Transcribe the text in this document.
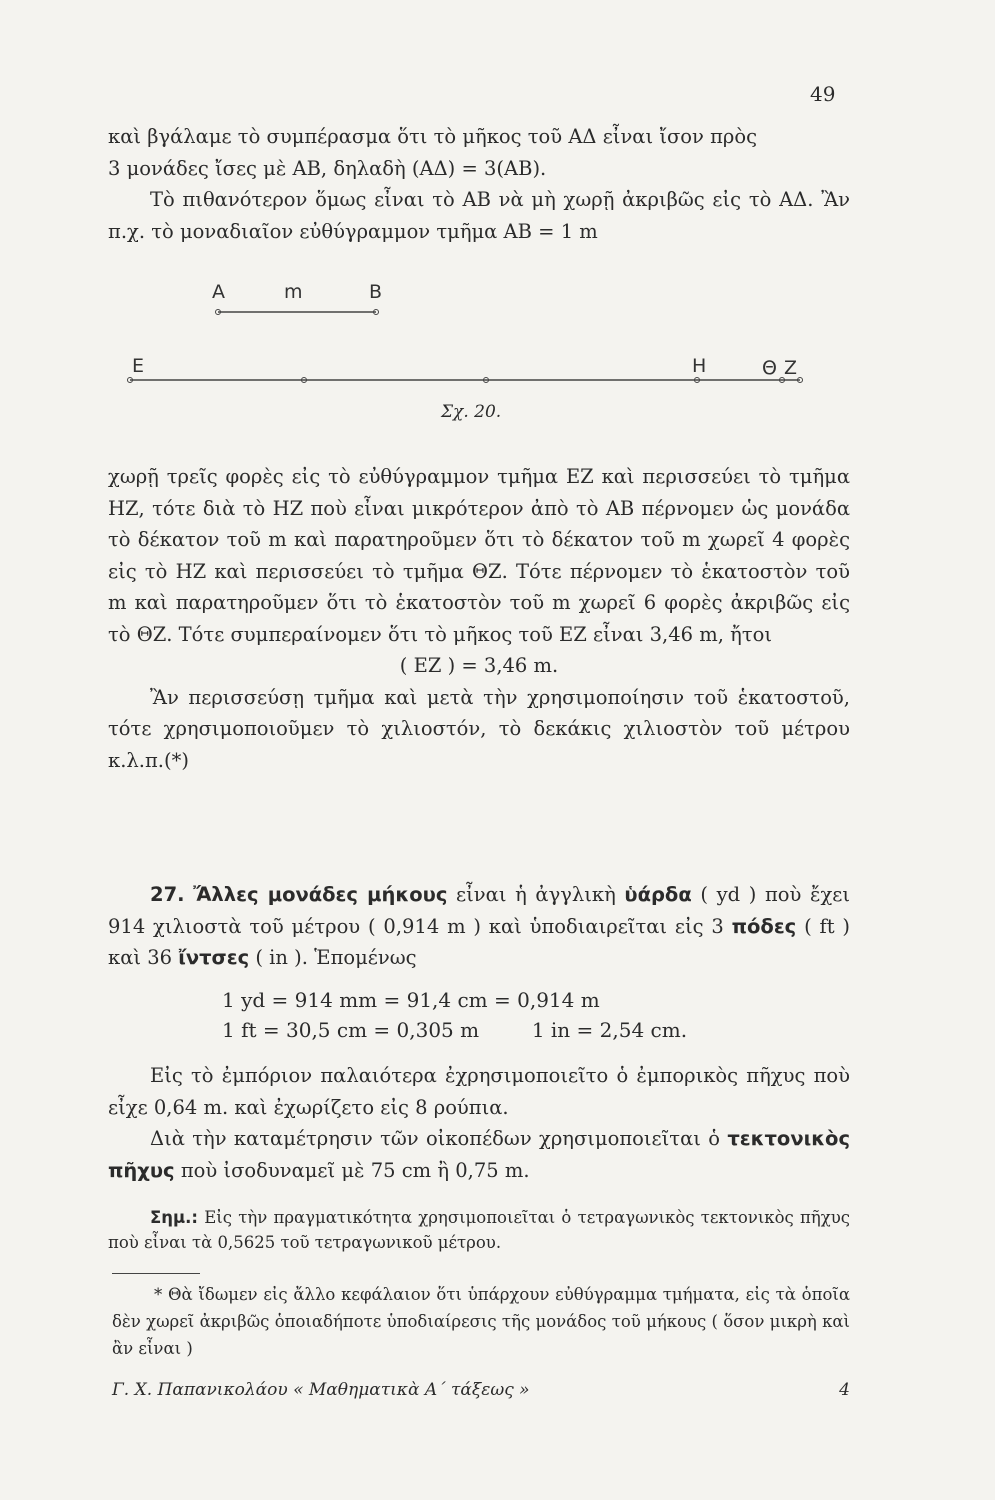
49

καὶ βγάλαμε τὸ συμπέρασμα ὅτι τὸ μῆκος τοῦ ΑΔ εἶναι ἴσον πρὸς

3 μονάδες ἴσες μὲ ΑΒ, δηλαδὴ (ΑΔ) = 3(ΑΒ).

Τὸ πιθανότερον ὅμως εἶναι τὸ ΑΒ νὰ μὴ χωρῇ ἀκριβῶς εἰς τὸ ΑΔ. Ἂν π.χ. τὸ μοναδιαῖον εὐθύγραμμον τμῆμα ΑΒ = 1 m

A	m	B
E	H	Θ Z
Σχ. 20.

χωρῇ τρεῖς φορὲς εἰς τὸ εὐθύγραμμον τμῆμα ΕΖ καὶ περισσεύει τὸ τμῆμα ΗΖ, τότε διὰ τὸ ΗΖ ποὺ εἶναι μικρότερον ἀπὸ τὸ ΑΒ πέρνομεν ὡς μονάδα τὸ δέκατον τοῦ m καὶ παρατηροῦμεν ὅτι τὸ δέκατον τοῦ m χωρεῖ 4 φορὲς εἰς τὸ ΗΖ καὶ περισσεύει τὸ τμῆμα ΘΖ. Τότε πέρνομεν τὸ ἑκατοστὸν τοῦ m καὶ παρατηροῦμεν ὅτι τὸ ἑκατοστὸν τοῦ m χωρεῖ 6 φορὲς ἀκριβῶς εἰς τὸ ΘΖ. Τότε συμπεραίνομεν ὅτι τὸ μῆκος τοῦ ΕΖ εἶναι 3,46 m, ἤτοι

( ΕΖ ) = 3,46 m.

Ἂν περισσεύσῃ τμῆμα καὶ μετὰ τὴν χρησιμοποίησιν τοῦ ἑκατοστοῦ, τότε χρησιμοποιοῦμεν τὸ χιλιοστόν, τὸ δεκάκις χιλιοστὸν τοῦ μέτρου κ.λ.π.(*)

27. Ἄλλες μονάδες μήκους εἶναι ἡ ἀγγλικὴ ὑάρδα ( yd ) ποὺ ἔχει 914 χιλιοστὰ τοῦ μέτρου ( 0,914 m ) καὶ ὑποδιαιρεῖται εἰς 3 πόδες ( ft ) καὶ 36 ἴντσες ( in ). Ἑπομένως

1 yd = 914 mm = 91,4 cm = 0,914 m
1 ft = 30,5 cm = 0,305 m	1 in = 2,54 cm.

Εἰς τὸ ἐμπόριον παλαιότερα ἐχρησιμοποιεῖτο ὁ ἐμπορικὸς πῆχυς ποὺ εἶχε 0,64 m. καὶ ἐχωρίζετο εἰς 8 ρούπια.

Διὰ τὴν καταμέτρησιν τῶν οἰκοπέδων χρησιμοποιεῖται ὁ τεκτονικὸς πῆχυς ποὺ ἰσοδυναμεῖ μὲ 75 cm ἢ 0,75 m.

Σημ.: Εἰς τὴν πραγματικότητα χρησιμοποιεῖται ὁ τετραγωνικὸς τεκτονικὸς πῆχυς ποὺ εἶναι τὰ 0,5625 τοῦ τετραγωνικοῦ μέτρου.

* Θὰ ἴδωμεν εἰς ἄλλο κεφάλαιον ὅτι ὑπάρχουν εὐθύγραμμα τμήματα, εἰς τὰ ὁποῖα δὲν χωρεῖ ἀκριβῶς ὁποιαδήποτε ὑποδιαίρεσις τῆς μονάδος τοῦ μήκους ( ὅσον μικρὴ καὶ ἂν εἶναι )

Γ. Χ. Παπανικολάου « Μαθηματικὰ Α΄ τάξεως »	4
